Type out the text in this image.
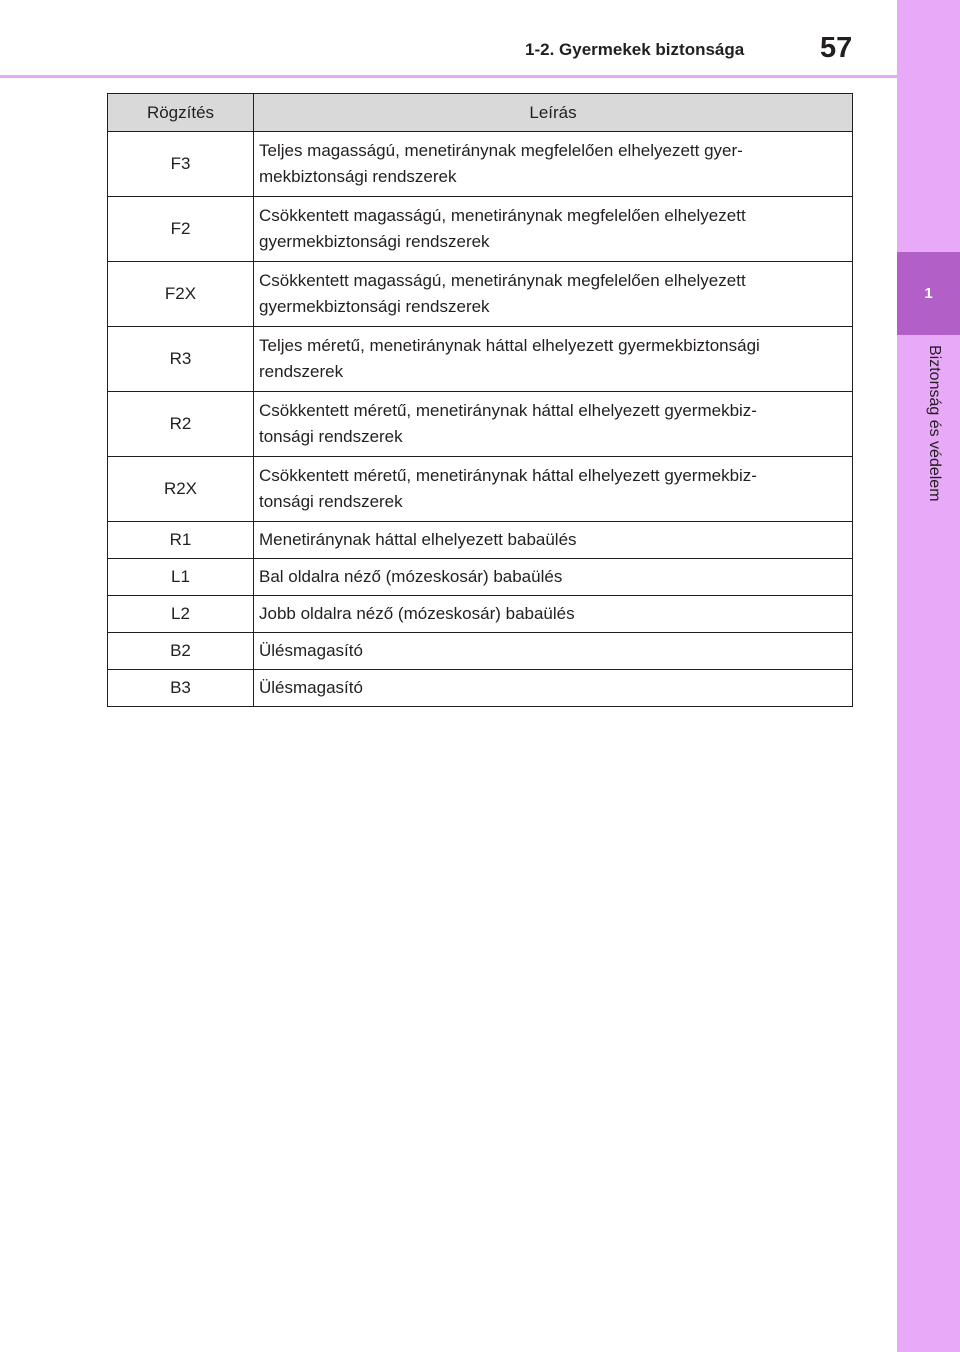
1
Biztonság és védelem
1-2. Gyermekek biztonsága	57
Rögzítés	Leírás
F3	Teljes magasságú, menetiránynak megfelelően elhelyezett gyer-
mekbiztonsági rendszerek
F2	Csökkentett magasságú, menetiránynak megfelelően elhelyezett
gyermekbiztonsági rendszerek
F2X	Csökkentett magasságú, menetiránynak megfelelően elhelyezett
gyermekbiztonsági rendszerek
R3	Teljes méretű, menetiránynak háttal elhelyezett gyermekbiztonsági
rendszerek
R2	Csökkentett méretű, menetiránynak háttal elhelyezett gyermekbiz-
tonsági rendszerek
R2X	Csökkentett méretű, menetiránynak háttal elhelyezett gyermekbiz-
tonsági rendszerek
R1	Menetiránynak háttal elhelyezett babaülés
L1	Bal oldalra néző (mózeskosár) babaülés
L2	Jobb oldalra néző (mózeskosár) babaülés
B2	Ülésmagasító
B3	Ülésmagasító
